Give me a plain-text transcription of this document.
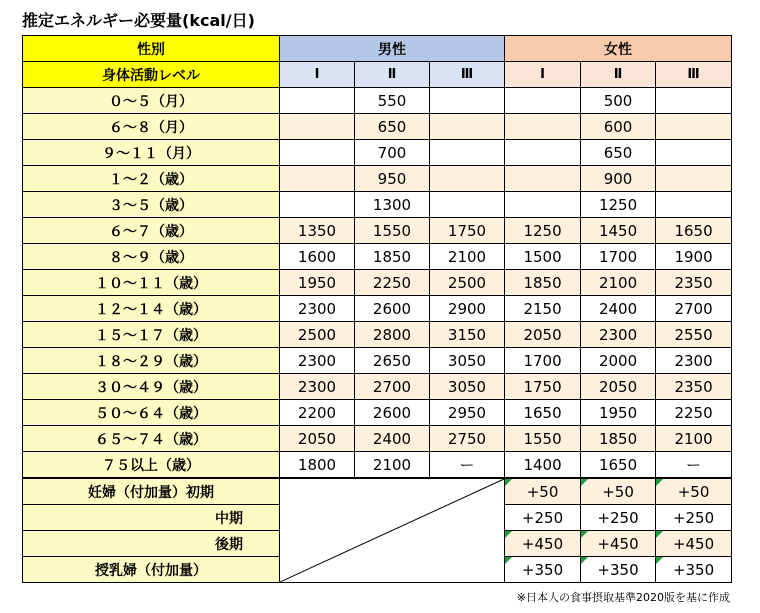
推定エネルギー必要量(kcal/日)
性別	男性			女性		
身体活動レベル	Ⅰ	Ⅱ	Ⅲ	Ⅰ	Ⅱ	Ⅲ
０～５（月）		550			500	
６～８（月）		650			600	
９～１１（月）		700			650	
１～２（歳）		950			900	
３～５（歳）		1300			1250	
６～７（歳）	1350	1550	1750	1250	1450	1650
８～９（歳）	1600	1850	2100	1500	1700	1900
１０～１１（歳）	1950	2250	2500	1850	2100	2350
１２～１４（歳）	2300	2600	2900	2150	2400	2700
１５～１７（歳）	2500	2800	3150	2050	2300	2550
１８～２９（歳）	2300	2650	3050	1700	2000	2300
３０～４９（歳）	2300	2700	3050	1750	2050	2350
５０～６４（歳）	2200	2600	2950	1650	1950	2250
６５～７４（歳）	2050	2400	2750	1550	1850	2100
７５以上（歳）	1800	2100	ー	1400	1650	ー
妊婦（付加量）初期				+50	+50	+50
中期				+250	+250	+250
後期				+450	+450	+450
授乳婦（付加量）				+350	+350	+350
※日本人の食事摂取基準2020版を基に作成
